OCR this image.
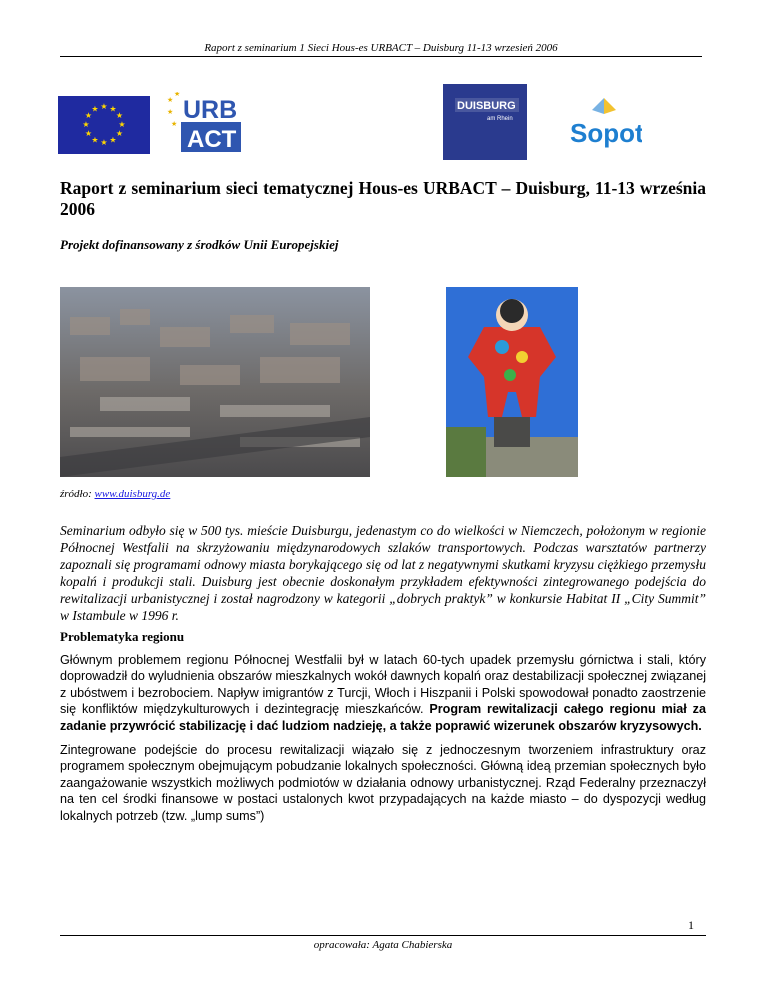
Raport z seminarium 1 Sieci Hous-es URBACT – Duisburg 11-13 wrzesień 2006
★ ★
★
★
★
★
★
★
★
★
★
★
★
★
★
★ URB
ACT
DUISBURG
am Rhein Sopot
Raport z seminarium sieci tematycznej Hous-es URBACT – Duisburg, 11-13 września 2006

Projekt dofinansowany z środków Unii Europejskiej

źródło: www.duisburg.de

Seminarium odbyło się w 500 tys. mieście Duisburgu, jedenastym co do wielkości w Niemczech, położonym w regionie Północnej Westfalii na skrzyżowaniu międzynarodowych szlaków transportowych. Podczas warsztatów partnerzy zapoznali się programami odnowy miasta borykającego się od lat z negatywnymi skutkami kryzysu ciężkiego przemysłu kopalń i produkcji stali. Duisburg jest obecnie doskonałym przykładem efektywności zintegrowanego podejścia do rewitalizacji urbanistycznej i został nagrodzony w kategorii „dobrych praktyk” w konkursie Habitat II „City Summit” w Istambule w 1996 r.

Problematyka regionu

Głównym problemem regionu Północnej Westfalii był w latach 60-tych upadek przemysłu górnictwa i stali, który doprowadził do wyludnienia obszarów mieszkalnych wokół dawnych kopalń oraz destabilizacji społecznej związanej z ubóstwem i bezrobociem. Napływ imigrantów z Turcji, Włoch i Hiszpanii i Polski spowodował ponadto zaostrzenie się konfliktów międzykulturowych i dezintegrację mieszkańców. Program rewitalizacji całego regionu miał za zadanie przywrócić stabilizację i dać ludziom nadzieję, a także poprawić wizerunek obszarów kryzysowych.

Zintegrowane podejście do procesu rewitalizacji wiązało się z jednoczesnym tworzeniem infrastruktury oraz programem społecznym obejmującym pobudzanie lokalnych społeczności. Główną ideą przemian społecznych było zaangażowanie wszystkich możliwych podmiotów w działania odnowy urbanistycznej. Rząd Federalny przeznaczył na ten cel środki finansowe w postaci ustalonych kwot przypadających na każde miasto – do dyspozycji według lokalnych potrzeb (tzw. „lump sums”)

1
opracowała: Agata Chabierska
